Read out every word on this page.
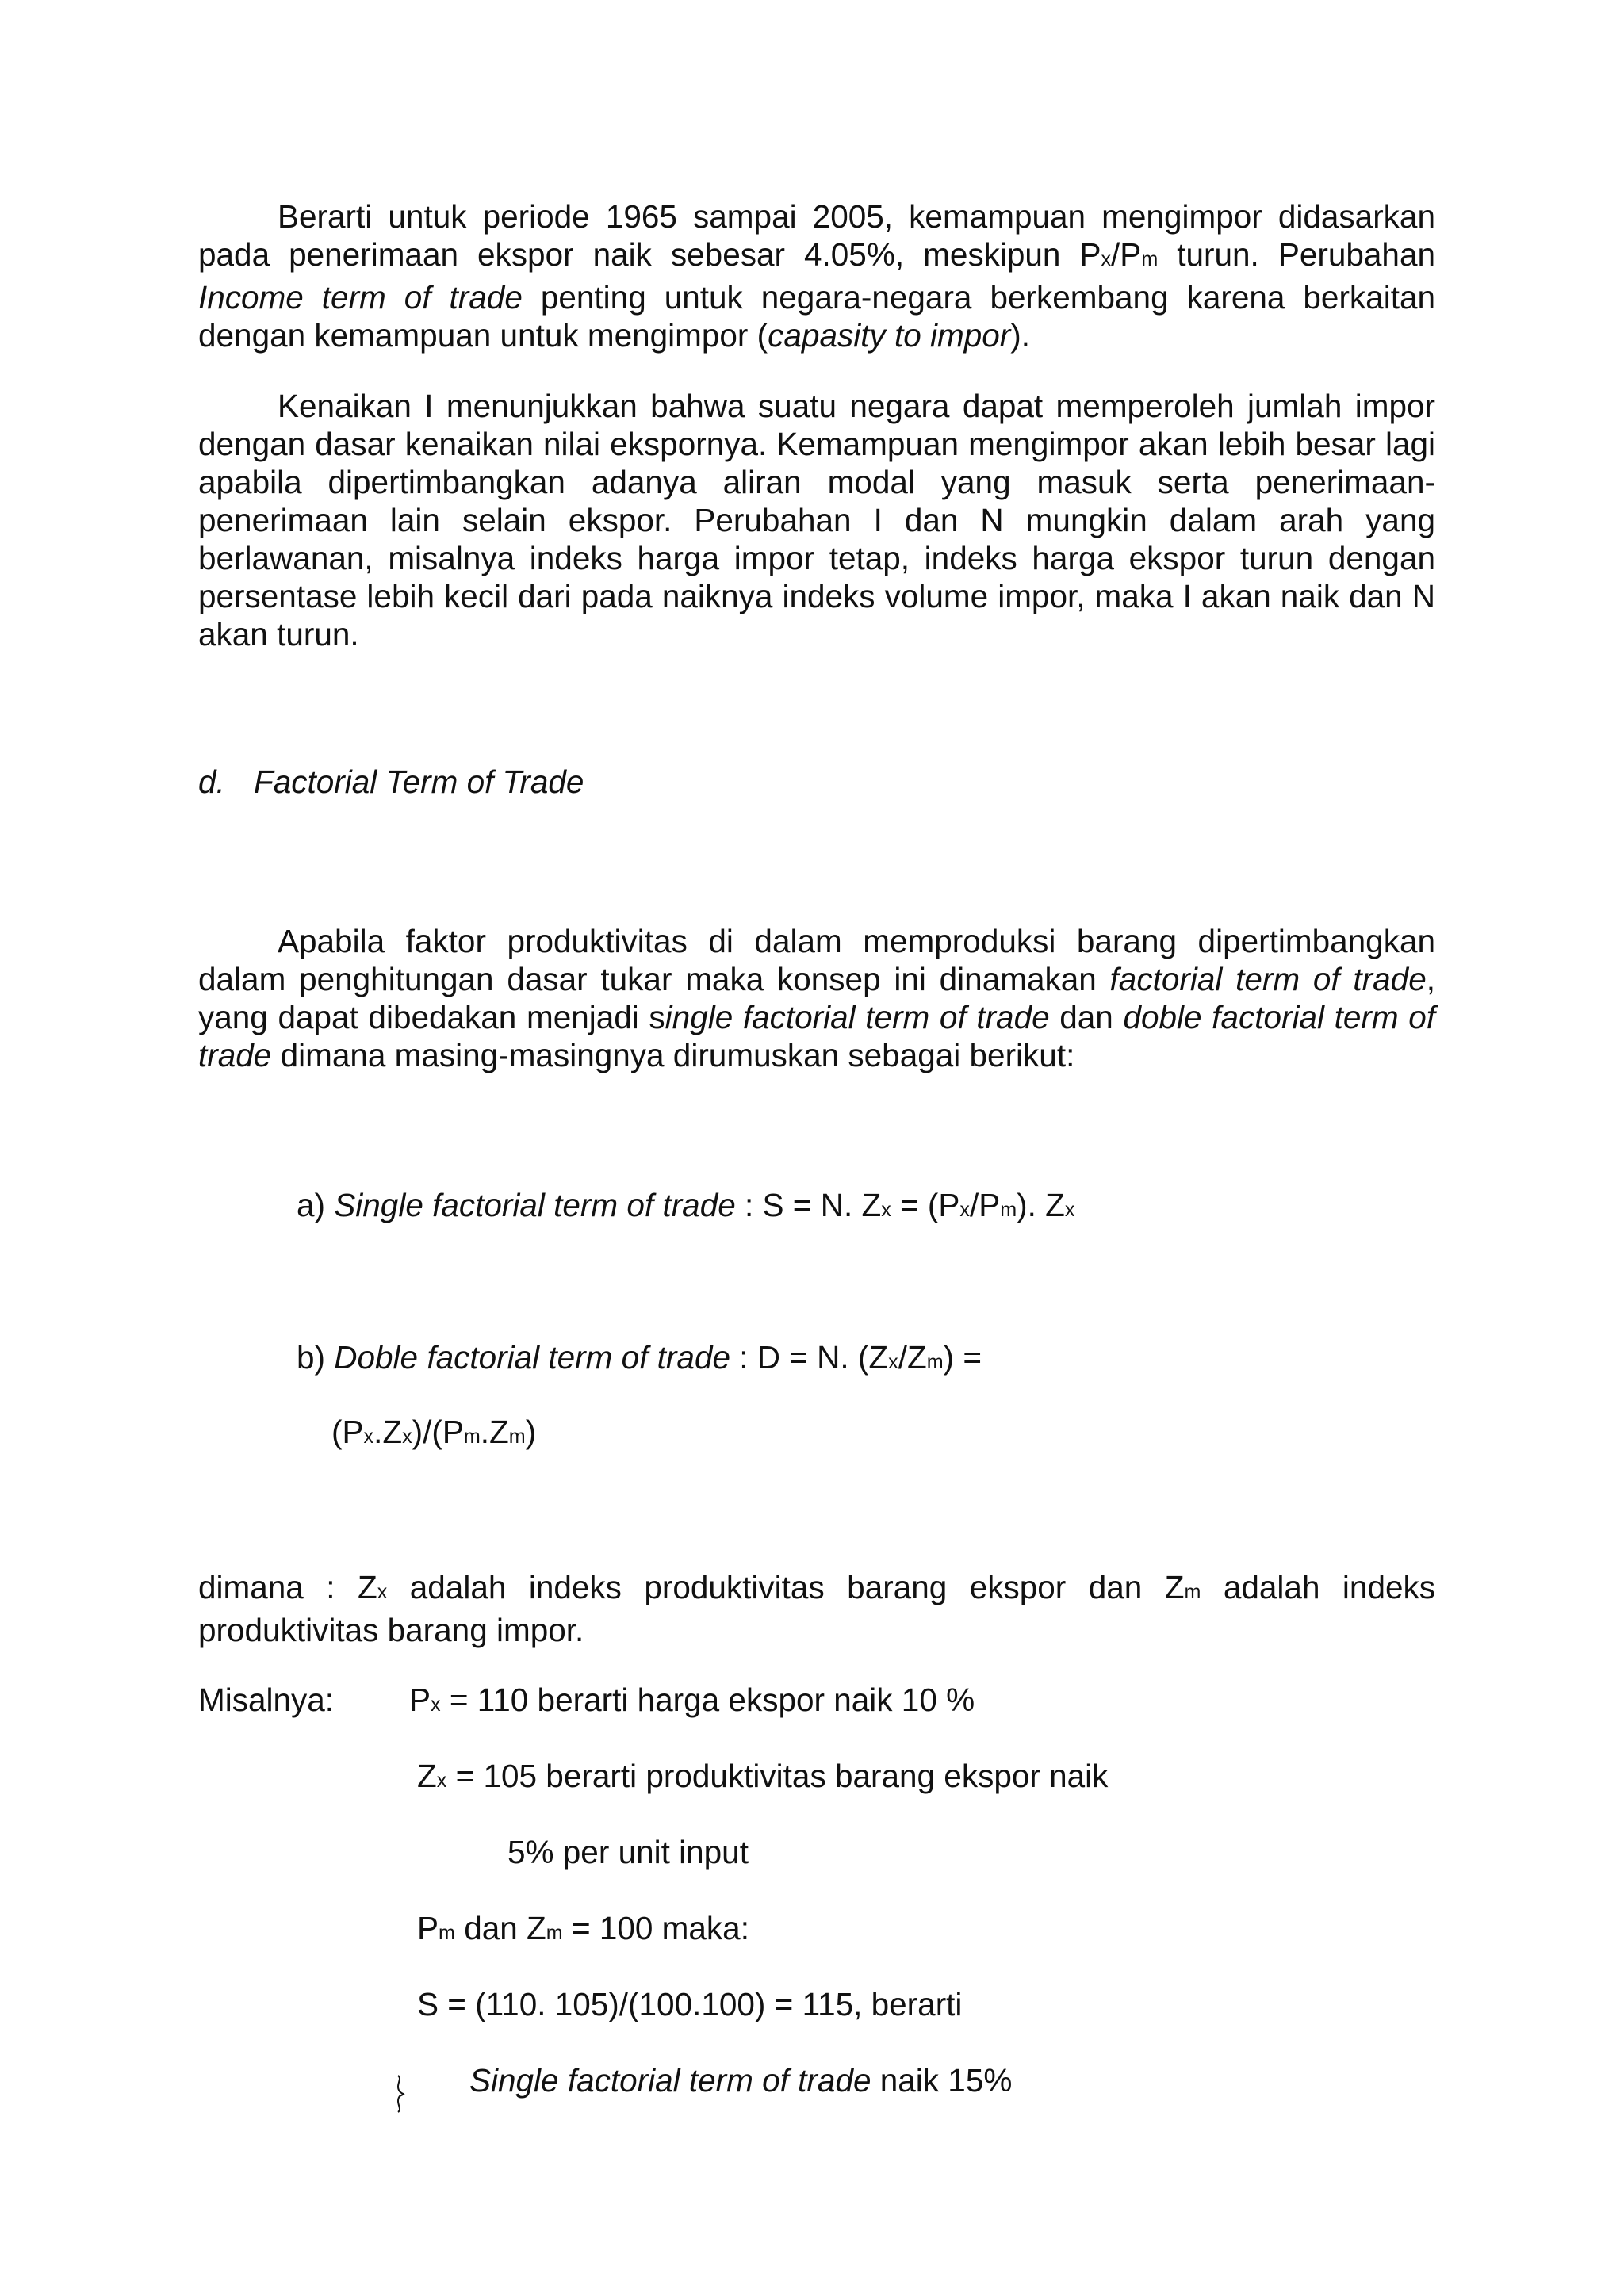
Berarti untuk periode 1965 sampai 2005, kemampuan mengimpor didasarkan pada penerimaan ekspor naik sebesar 4.05%, meskipun Px/Pm turun. Perubahan Income term of trade penting untuk negara-negara berkembang karena berkaitan dengan kemampuan untuk mengimpor (capasity to impor).

Kenaikan I menunjukkan bahwa suatu negara dapat memperoleh jumlah impor dengan dasar kenaikan nilai ekspornya. Kemampuan mengimpor akan lebih besar lagi apabila dipertimbangkan adanya aliran modal yang masuk serta penerimaan-penerimaan lain selain ekspor. Perubahan I dan N mungkin dalam arah yang berlawanan, misalnya indeks harga impor tetap, indeks harga ekspor turun dengan persentase lebih kecil dari pada naiknya indeks volume impor, maka I akan naik dan N akan turun.

d. Factorial Term of Trade

Apabila faktor produktivitas di dalam memproduksi barang dipertimbangkan dalam penghitungan dasar tukar maka konsep ini dinamakan factorial term of trade, yang dapat dibedakan menjadi single factorial term of trade dan doble factorial term of trade dimana masing-masingnya dirumuskan sebagai berikut:

a) Single factorial term of trade : S = N. Zx = (Px/Pm). Zx

b) Doble factorial term of trade : D = N. (Zx/Zm) =

(Px.Zx)/(Pm.Zm)

dimana : Zx adalah indeks produktivitas barang ekspor dan Zm adalah indeks produktivitas barang impor.

Misalnya: Px = 110 berarti harga ekspor naik 10 %

Zx = 105 berarti produktivitas barang ekspor naik

5% per unit input

Pm dan Zm = 100 maka:

S = (110. 105)/(100.100) = 115, berarti

Single factorial term of trade naik 15%
